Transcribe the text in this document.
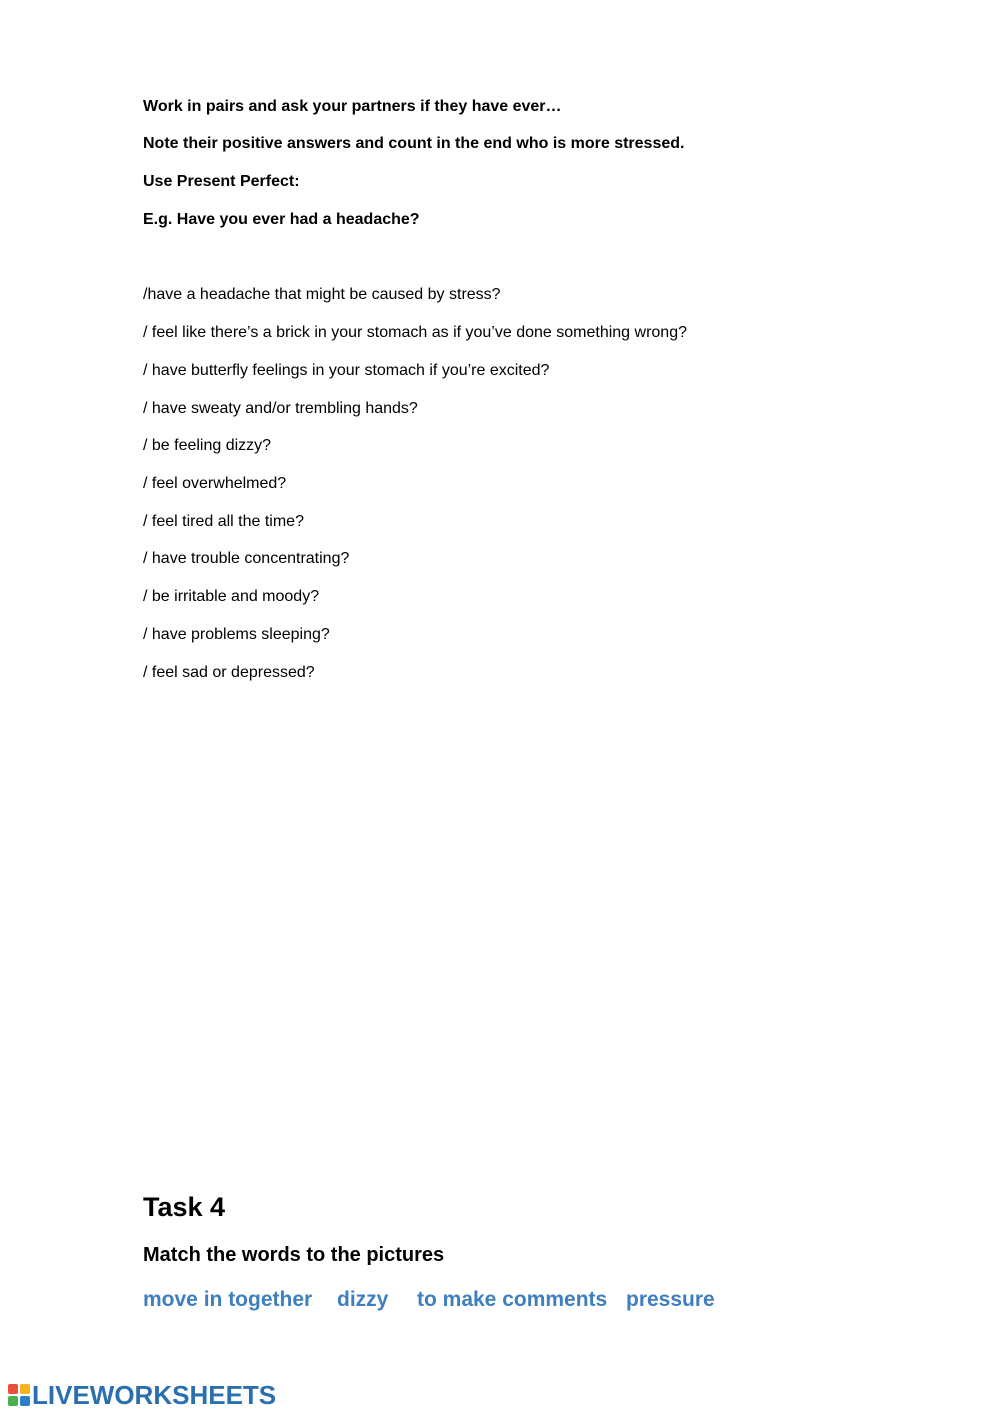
Work in pairs and ask your partners if they have ever…
Note their positive answers and count in the end who is more stressed.
Use Present Perfect:
E.g. Have you ever had a headache?
/have a headache that might be caused by stress?
/ feel like there’s a brick in your stomach as if you’ve done something wrong?
/ have butterfly feelings in your stomach if you’re excited?
/ have sweaty and/or trembling hands?
/ be feeling dizzy?
/ feel overwhelmed?
/ feel tired all the time?
/ have trouble concentrating?
/ be irritable and moody?
/ have problems sleeping?
/ feel sad or depressed?
Task 4
Match the words to the pictures
move in together dizzy to make comments pressure
LIVEWORKSHEETS
